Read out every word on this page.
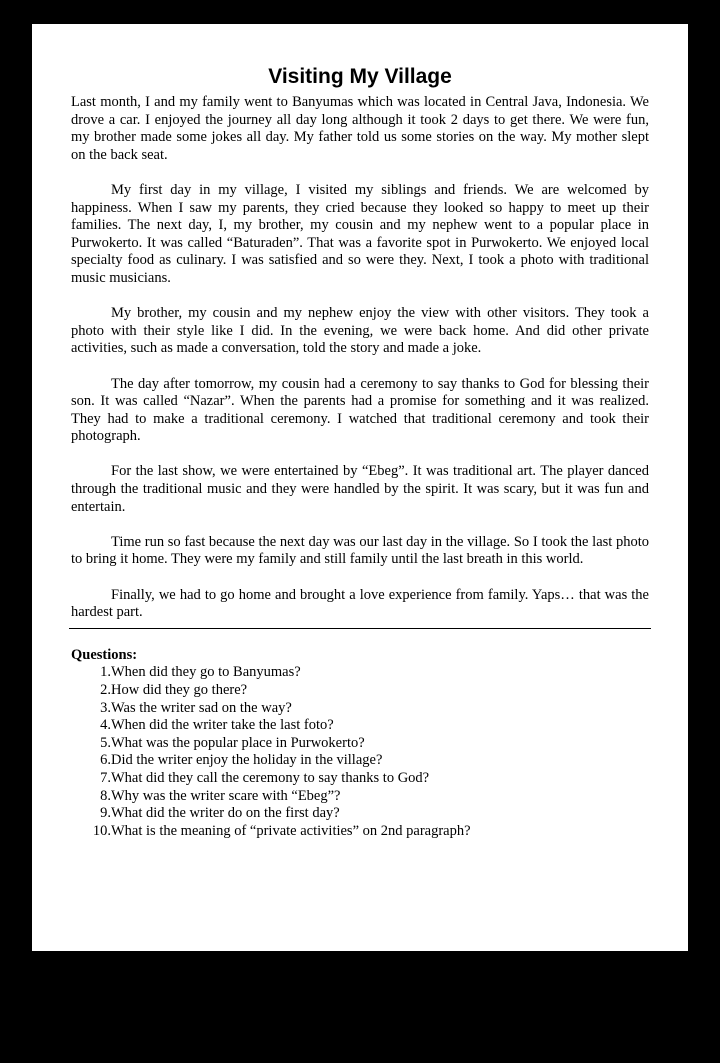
Visiting My Village

Last month, I and my family went to Banyumas which was located in Central Java, Indonesia. We drove a car. I enjoyed the journey all day long although it took 2 days to get there. We were fun, my brother made some jokes all day. My father told us some stories on the way. My mother slept on the back seat.

My first day in my village, I visited my siblings and friends. We are welcomed by happiness. When I saw my parents, they cried because they looked so happy to meet up their families. The next day, I, my brother, my cousin and my nephew went to a popular place in Purwokerto. It was called “Baturaden”. That was a favorite spot in Purwokerto. We enjoyed local specialty food as culinary. I was satisfied and so were they. Next, I took a photo with traditional music musicians.

My brother, my cousin and my nephew enjoy the view with other visitors. They took a photo with their style like I did. In the evening, we were back home. And did other private activities, such as made a conversation, told the story and made a joke.

The day after tomorrow, my cousin had a ceremony to say thanks to God for blessing their son. It was called “Nazar”. When the parents had a promise for something and it was realized. They had to make a traditional ceremony. I watched that traditional ceremony and took their photograph.

For the last show, we were entertained by “Ebeg”. It was traditional art. The player danced through the traditional music and they were handled by the spirit. It was scary, but it was fun and entertain.

Time run so fast because the next day was our last day in the village. So I took the last photo to bring it home. They were my family and still family until the last breath in this world.

Finally, we had to go home and brought a love experience from family. Yaps… that was the hardest part.

Questions:
1. When did they go to Banyumas?
2. How did they go there?
3. Was the writer sad on the way?
4. When did the writer take the last foto?
5. What was the popular place in Purwokerto?
6. Did the writer enjoy the holiday in the village?
7. What did they call the ceremony to say thanks to God?
8. Why was the writer scare with “Ebeg”?
9. What did the writer do on the first day?
10. What is the meaning of “private activities” on 2nd paragraph?
